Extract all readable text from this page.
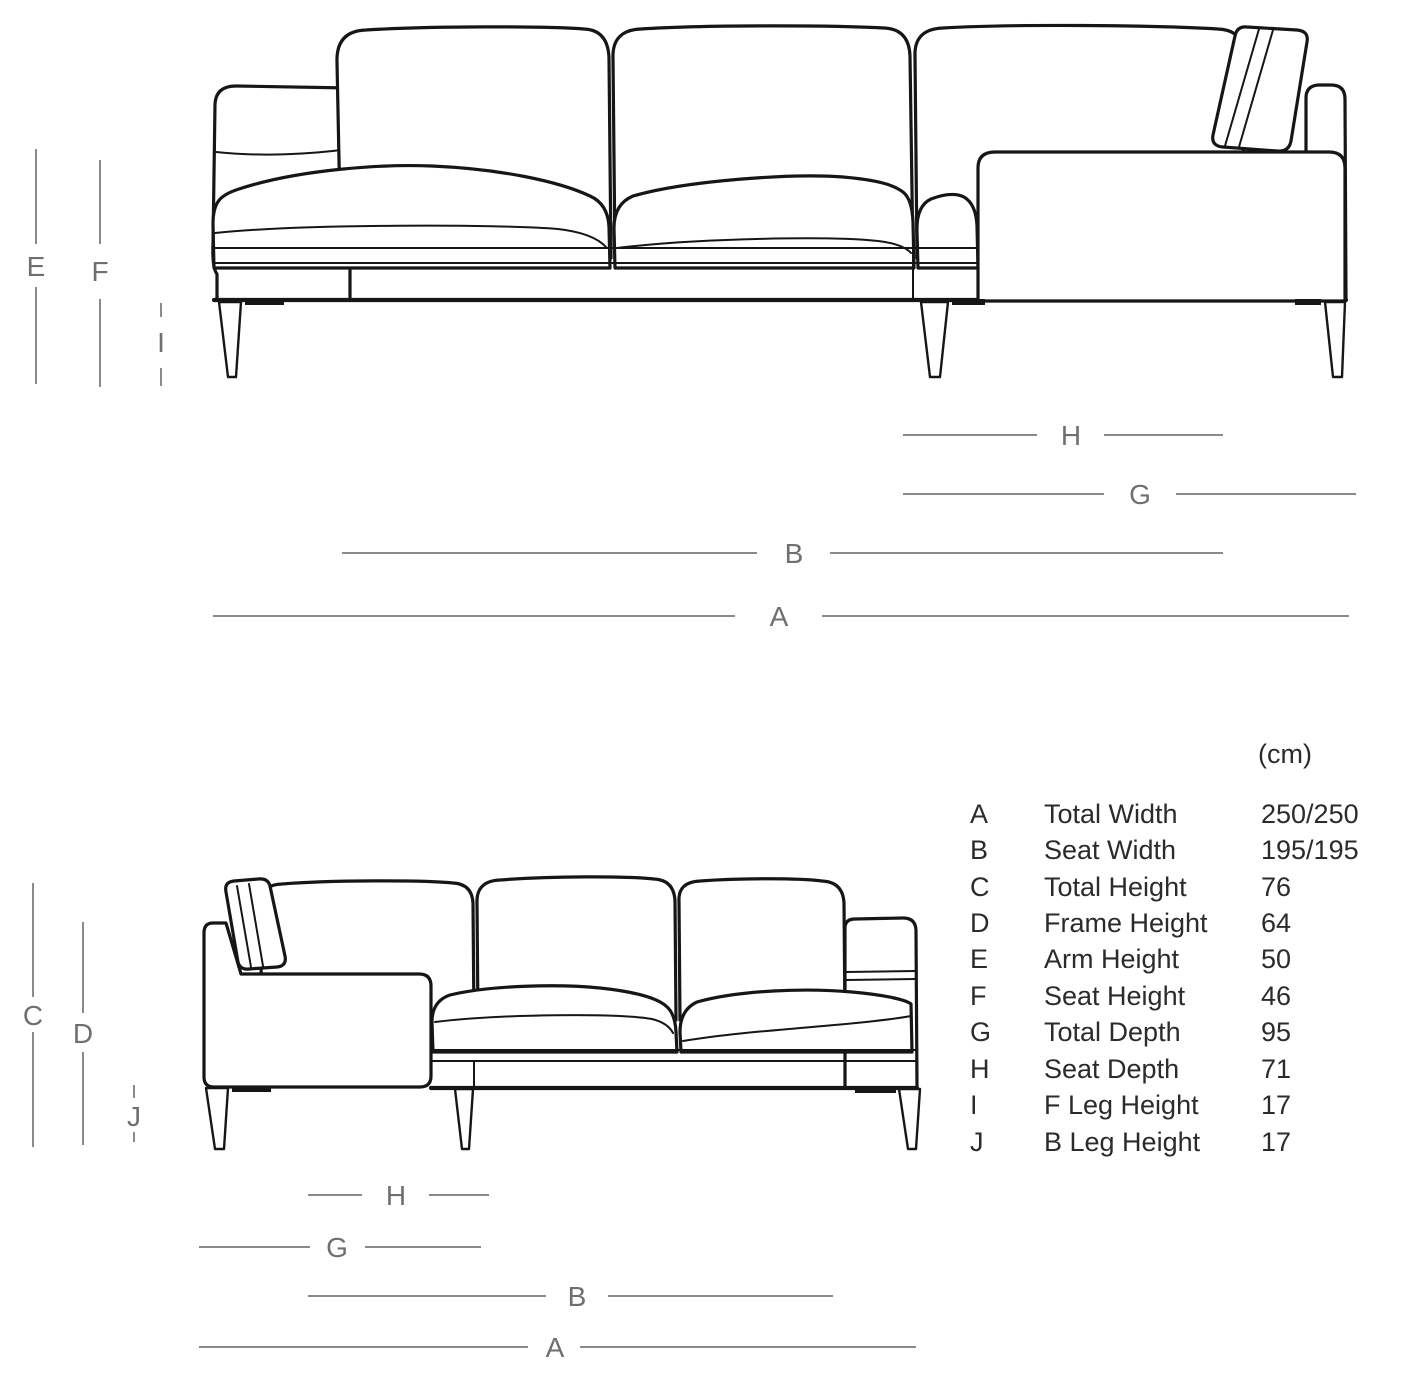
E F
I
H
G
B
A
C
D
J
H
G
B
A
(cm)
A	Total Width	250/250
B	Seat Width	195/195
C	Total Height	76
D	Frame Height	64
E	Arm Height	50
F	Seat Height	46
G	Total Depth	95
H	Seat Depth	71
I	F Leg Height	17
J	B Leg Height	17
